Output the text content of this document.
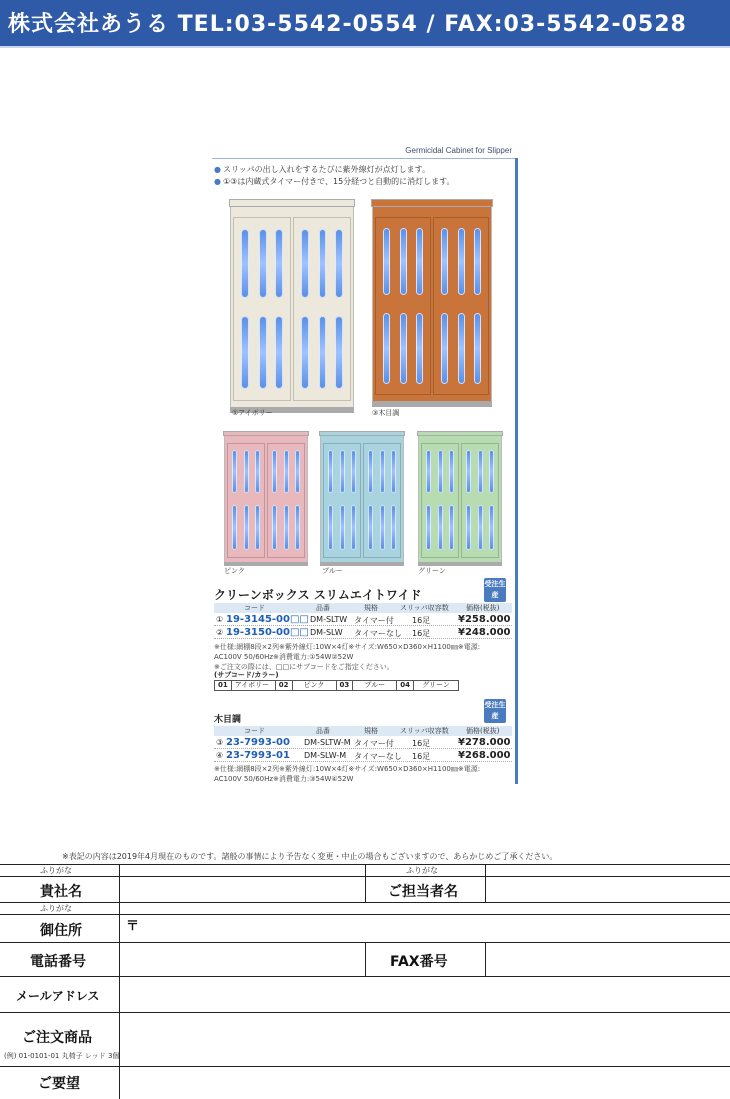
株式会社あうる TEL:03-5542-0554 / FAX:03-5542-0528
Germicidal Cabinet for Slipper
● スリッパの出し入れをするたびに紫外線灯が点灯します。
● ①③は内蔵式タイマー付きで、15分経つと自動的に消灯します。
①アイボリー	③木目調
ピンク	ブルー	グリーン
クリーンボックス スリムエイトワイド
受注生産
コード	品番	規格	スリッパ収容数 価格(税抜)
① 19-3145-00□□ DM-SLTW タイマー付 16足	¥258.000
② 19-3150-00□□ DM-SLW タイマーなし 16足	¥248.000
※仕様:網棚8段×2列※紫外線灯:10W×4灯※サイズ:W650×D360×H1100㎜※電源:
AC100V 50/60Hz※消費電力:①54W②52W
※ご注文の際には、□□にサブコードをご指定ください。
(サブコード/カラー)
01	アイボリー	02	ピンク	03	ブルー	04	グリーン
木目調
受注生産
コード	品番	規格	スリッパ収容数 価格(税抜)
③ 23-7993-00 DM-SLTW-M タイマー付 16足	¥278.000
④ 23-7993-01 DM-SLW-M タイマーなし 16足	¥268.000
※仕様:網棚8段×2列※紫外線灯:10W×4灯※サイズ:W650×D360×H1100㎜※電源:
AC100V 50/60Hz※消費電力:③54W④52W
※表記の内容は2019年4月現在のものです。諸般の事情により予告なく変更・中止の場合もございますので、あらかじめご了承ください。
ふりがな	ふりがな
貴社名	ご担当者名
ふりがな
御住所	〒
電話番号	FAX番号
メールアドレス
ご注文商品
(例) 01-0101-01 丸椅子 レッド 3個
ご要望
